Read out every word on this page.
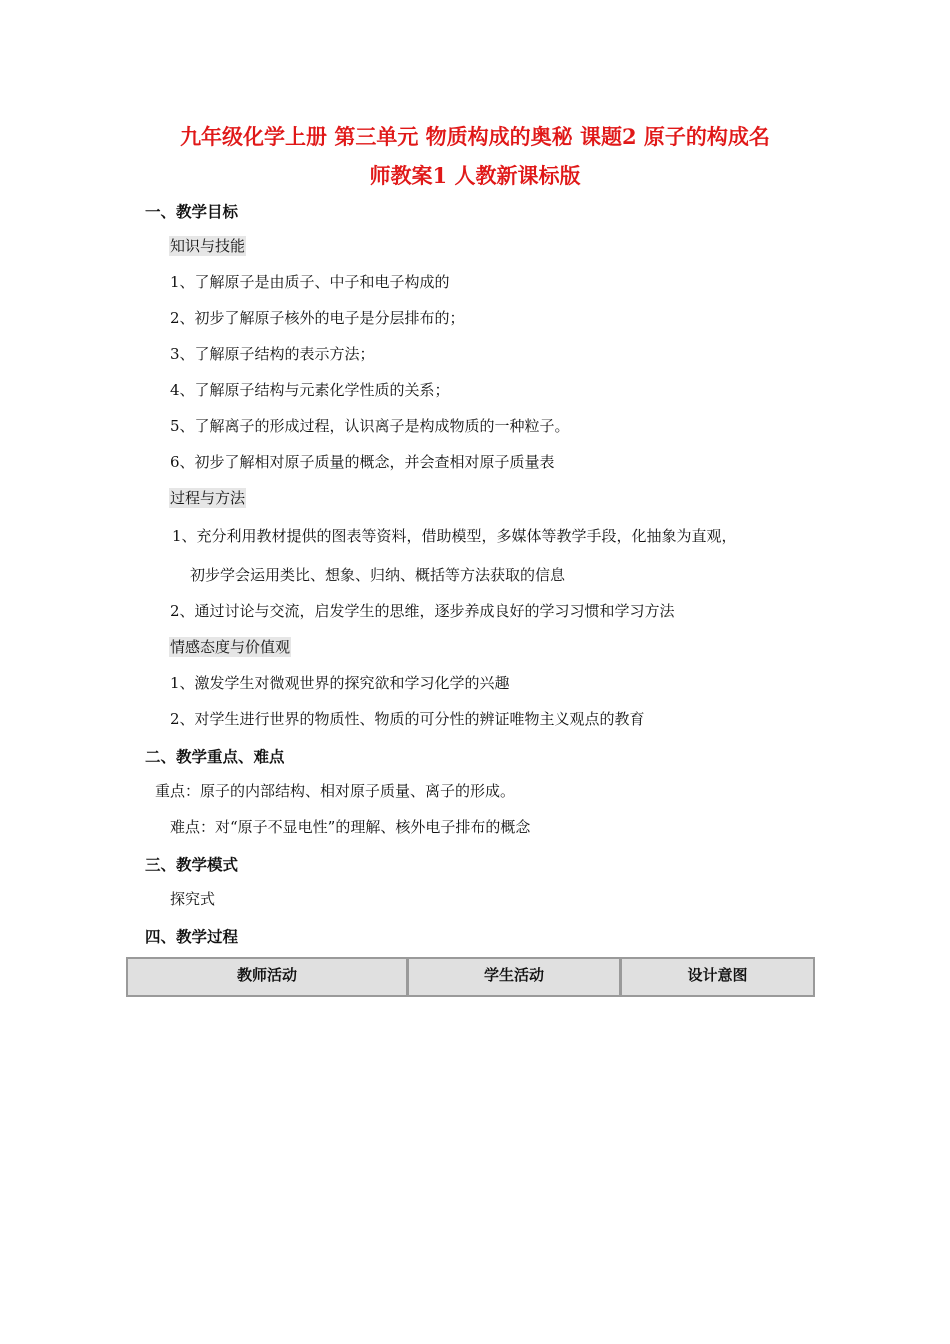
九年级化学上册 第三单元 物质构成的奥秘 课题2 原子的构成名
师教案1 人教新课标版
一、教学目标
知识与技能
1、了解原子是由质子、中子和电子构成的
2、初步了解原子核外的电子是分层排布的；
3、了解原子结构的表示方法；
4、了解原子结构与元素化学性质的关系；
5、了解离子的形成过程，认识离子是构成物质的一种粒子。
6、初步了解相对原子质量的概念，并会查相对原子质量表
过程与方法
1、充分利用教材提供的图表等资料，借助模型，多媒体等教学手段，化抽象为直观，
初步学会运用类比、想象、归纳、概括等方法获取的信息
2、通过讨论与交流，启发学生的思维，逐步养成良好的学习习惯和学习方法
情感态度与价值观
1、激发学生对微观世界的探究欲和学习化学的兴趣
2、对学生进行世界的物质性、物质的可分性的辨证唯物主义观点的教育
二、教学重点、难点
重点：原子的内部结构、相对原子质量、离子的形成。
难点：对“原子不显电性”的理解、核外电子排布的概念
三、教学模式
探究式
四、教学过程
教师活动	学生活动	设计意图
